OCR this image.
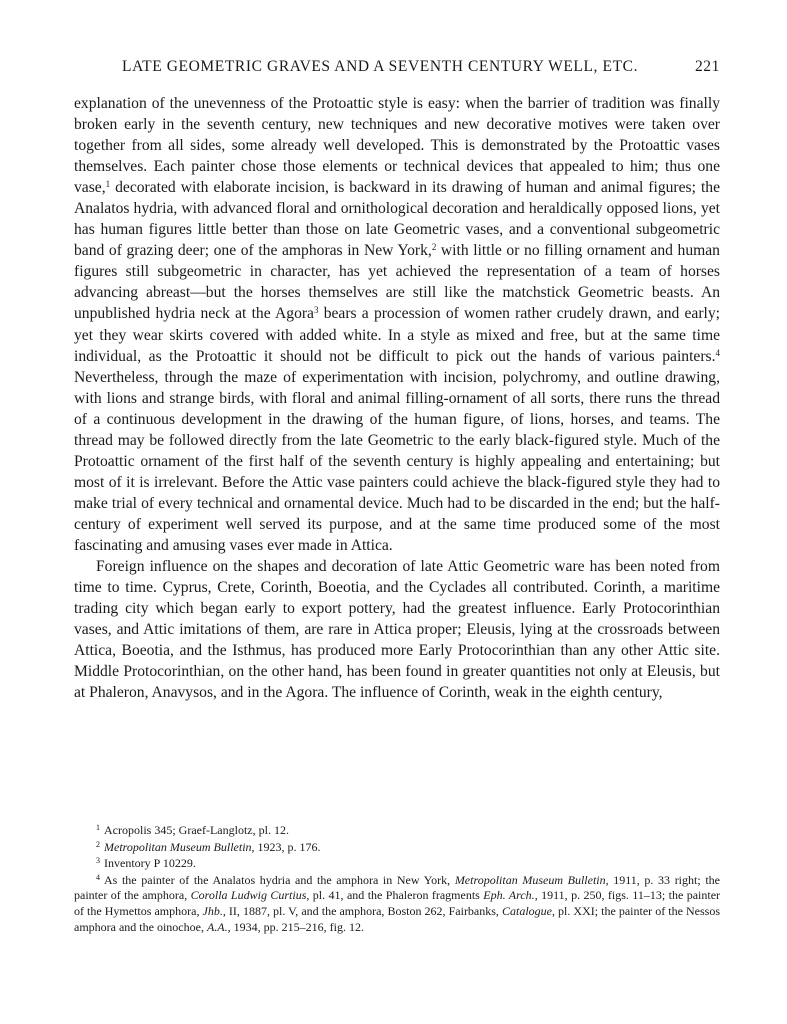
LATE GEOMETRIC GRAVES AND A SEVENTH CENTURY WELL, ETC.	221

explanation of the unevenness of the Protoattic style is easy: when the barrier of tradition was finally broken early in the seventh century, new techniques and new decorative motives were taken over together from all sides, some already well developed. This is demonstrated by the Protoattic vases themselves. Each painter chose those elements or technical devices that appealed to him; thus one vase,$^1$ decorated with elaborate incision, is backward in its drawing of human and animal figures; the Analatos hydria, with advanced floral and ornithological decoration and heraldically opposed lions, yet has human figures little better than those on late Geometric vases, and a conventional subgeometric band of grazing deer; one of the amphoras in New York,$^2$ with little or no filling ornament and human figures still subgeometric in character, has yet achieved the representation of a team of horses advancing abreast—but the horses themselves are still like the matchstick Geometric beasts. An unpublished hydria neck at the Agora$^3$ bears a procession of women rather crudely drawn, and early; yet they wear skirts covered with added white. In a style as mixed and free, but at the same time individual, as the Protoattic it should not be difficult to pick out the hands of various painters.$^4$ Nevertheless, through the maze of experimentation with incision, polychromy, and outline drawing, with lions and strange birds, with floral and animal filling-ornament of all sorts, there runs the thread of a continuous development in the drawing of the human figure, of lions, horses, and teams. The thread may be followed directly from the late Geometric to the early black-figured style. Much of the Protoattic ornament of the first half of the seventh century is highly appealing and entertaining; but most of it is irrelevant. Before the Attic vase painters could achieve the black-figured style they had to make trial of every technical and ornamental device. Much had to be discarded in the end; but the half-century of experiment well served its purpose, and at the same time produced some of the most fascinating and amusing vases ever made in Attica.

Foreign influence on the shapes and decoration of late Attic Geometric ware has been noted from time to time. Cyprus, Crete, Corinth, Boeotia, and the Cyclades all contributed. Corinth, a maritime trading city which began early to export pottery, had the greatest influence. Early Protocorinthian vases, and Attic imitations of them, are rare in Attica proper; Eleusis, lying at the crossroads between Attica, Boeotia, and the Isthmus, has produced more Early Protocorinthian than any other Attic site. Middle Protocorinthian, on the other hand, has been found in greater quantities not only at Eleusis, but at Phaleron, Anavysos, and in the Agora. The influence of Corinth, weak in the eighth century,

$^1$ Acropolis 345; Graef-Langlotz, pl. 12.

$^2$ Metropolitan Museum Bulletin, 1923, p. 176.

$^3$ Inventory P 10229.

$^4$ As the painter of the Analatos hydria and the amphora in New York, Metropolitan Museum Bulletin, 1911, p. 33 right; the painter of the amphora, Corolla Ludwig Curtius, pl. 41, and the Phaleron fragments Eph. Arch., 1911, p. 250, figs. 11–13; the painter of the Hymettos amphora, Jhb., II, 1887, pl. V, and the amphora, Boston 262, Fairbanks, Catalogue, pl. XXI; the painter of the Nessos amphora and the oinochoe, A.A., 1934, pp. 215–216, fig. 12.
